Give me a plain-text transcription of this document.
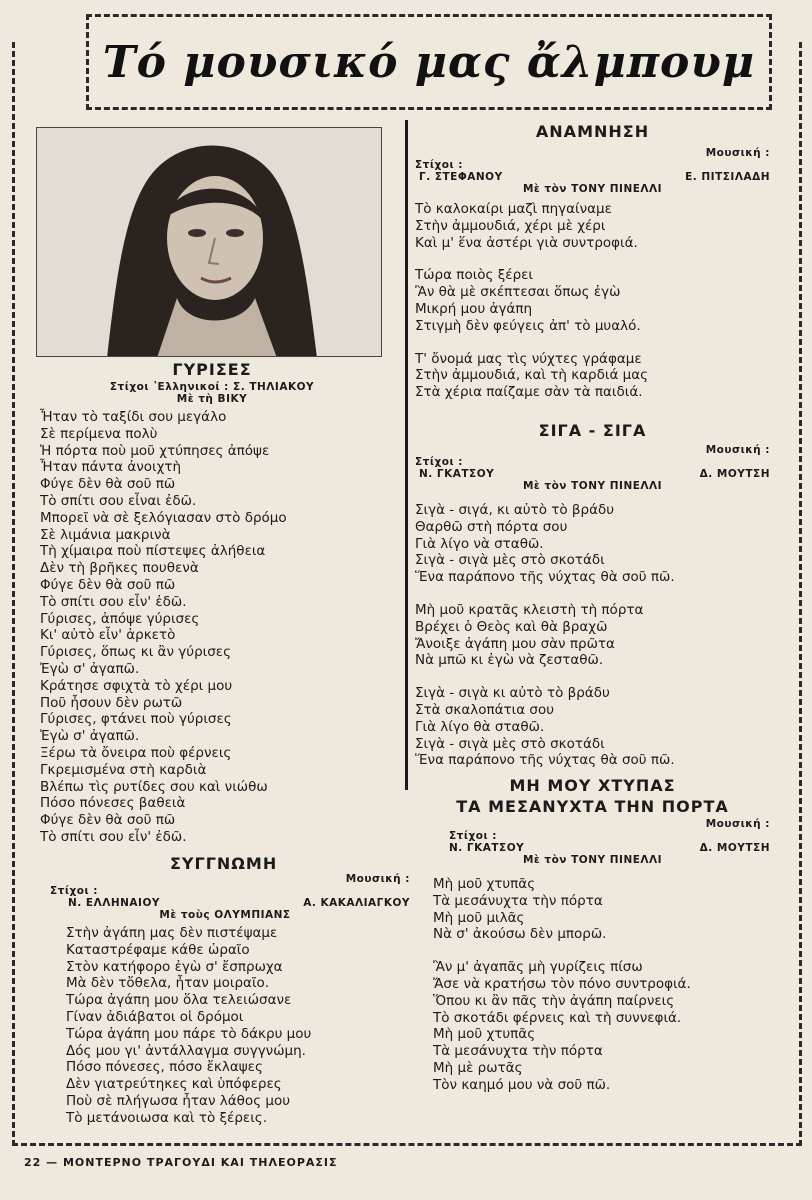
Τό μουσικό μας ἄλμπουμ

ΓΥΡΙΣΕΣ

Στίχοι ʽΕλληνικοί : Σ. ΤΗΛΙΑΚΟΥ
Μὲ τὴ ΒΙΚΥ
Ἦταν τὸ ταξίδι σου μεγάλο
Σὲ περίμενα πολὺ
Ἡ πόρτα ποὺ μοῦ χτύπησες ἀπόψε
Ἦταν πάντα ἀνοιχτὴ
Φύγε δὲν θὰ σοῦ πῶ
Τὸ σπίτι σου εἶναι ἐδῶ.
Μπορεῖ νὰ σὲ ξελόγιασαν στὸ δρόμο
Σὲ λιμάνια μακρινὰ
Τὴ χίμαιρα ποὺ πίστεψες ἀλήθεια
Δὲν τὴ βρῆκες πουθενὰ
Φύγε δὲν θὰ σοῦ πῶ
Τὸ σπίτι σου εἶν' ἐδῶ.
Γύρισες, ἀπόψε γύρισες
Κι' αὐτὸ εἶν' ἀρκετὸ
Γύρισες, ὅπως κι ἂν γύρισες
Ἐγὼ σ' ἀγαπῶ.
Κράτησε σφιχτὰ τὸ χέρι μου
Ποῦ ἦσουν δὲν ρωτῶ
Γύρισες, φτάνει ποὺ γύρισες
Ἐγὼ σ' ἀγαπῶ.
Ξέρω τὰ ὄνειρα ποὺ φέρνεις
Γκρεμισμένα στὴ καρδιὰ
Βλέπω τὶς ρυτίδες σου καὶ νιώθω
Πόσο πόνεσες βαθειὰ
Φύγε δὲν θὰ σοῦ πῶ
Τὸ σπίτι σου εἶν' ἐδῶ.

ΣΥΓΓΝΩΜΗ

Μουσική :
Στίχοι :
Ν. ΕΛΛΗΝΑΙΟΥ	Α. ΚΑΚΑΛΙΑΓΚΟΥ
Μὲ τοὺς ΟΛΥΜΠΙΑΝΣ
Στὴν ἀγάπη μας δὲν πιστέψαμε
Καταστρέφαμε κάθε ὡραῖο
Στὸν κατήφορο ἐγὼ σ' ἔσπρωχα
Μὰ δὲν τὄθελα, ἦταν μοιραῖο.
Τώρα ἀγάπη μου ὅλα τελειώσανε
Γίναν ἀδιάβατοι οἱ δρόμοι
Τώρα ἀγάπη μου πάρε τὸ δάκρυ μου
Δός μου γι' ἀντάλλαγμα συγγνώμη.
Πόσο πόνεσες, πόσο ἔκλαψες
Δὲν γιατρεύτηκες καὶ ὑπόφερες
Ποὺ σὲ πλήγωσα ἦταν λάθος μου
Τὸ μετάνοιωσα καὶ τὸ ξέρεις.

ΑΝΑΜΝΗΣΗ

Μουσική :
Στίχοι :
Γ. ΣΤΕΦΑΝΟΥ	Ε. ΠΙΤΣΙΛΑΔΗ
Μὲ τὸν ΤΟΝΥ ΠΙΝΕΛΛΙ
Τὸ καλοκαίρι μαζὶ πηγαίναμε
Στὴν ἀμμουδιά, χέρι μὲ χέρι
Καὶ μ' ἕνα ἀστέρι γιὰ συντροφιά.
Τώρα ποιὸς ξέρει
Ἂν θὰ μὲ σκέπτεσαι ὅπως ἐγὼ
Μικρή μου ἀγάπη
Στιγμὴ δὲν φεύγεις ἀπ' τὸ μυαλό.
Τ' ὄνομά μας τὶς νύχτες γράφαμε
Στὴν ἀμμουδιά, καὶ τὴ καρδιά μας
Στὰ χέρια παίζαμε σὰν τὰ παιδιά.

ΣΙΓΑ - ΣΙΓΑ

Μουσική :
Στίχοι :
Ν. ΓΚΑΤΣΟΥ	Δ. ΜΟΥΤΣΗ
Μὲ τὸν ΤΟΝΥ ΠΙΝΕΛΛΙ
Σιγὰ - σιγά, κι αὐτὸ τὸ βράδυ
Θαρθῶ στὴ πόρτα σου
Γιὰ λίγο νὰ σταθῶ.
Σιγὰ - σιγὰ μὲς στὸ σκοτάδι
Ἕνα παράπονο τῆς νύχτας θὰ σοῦ πῶ.
Μὴ μοῦ κρατᾶς κλειστὴ τὴ πόρτα
Βρέχει ὁ Θεὸς καὶ θὰ βραχῶ
Ἄνοιξε ἀγάπη μου σὰν πρῶτα
Νὰ μπῶ κι ἐγὼ νὰ ζεσταθῶ.
Σιγὰ - σιγὰ κι αὐτὸ τὸ βράδυ
Στὰ σκαλοπάτια σου
Γιὰ λίγο θὰ σταθῶ.
Σιγὰ - σιγὰ μὲς στὸ σκοτάδι
Ἕνα παράπονο τῆς νύχτας θὰ σοῦ πῶ.

ΜΗ ΜΟΥ ΧΤΥΠΑΣ

ΤΑ ΜΕΣΑΝΥΧΤΑ ΤΗΝ ΠΟΡΤΑ

Μουσική :
Στίχοι :
Ν. ΓΚΑΤΣΟΥ	Δ. ΜΟΥΤΣΗ
Μὲ τὸν ΤΟΝΥ ΠΙΝΕΛΛΙ
Μὴ μοῦ χτυπᾶς
Τὰ μεσάνυχτα τὴν πόρτα
Μὴ μοῦ μιλᾶς
Νὰ σ' ἀκούσω δὲν μπορῶ.
Ἂν μ' ἀγαπᾶς μὴ γυρίζεις πίσω
Ἄσε νὰ κρατήσω τὸν πόνο συντροφιά.
Ὅπου κι ἂν πᾶς τὴν ἀγάπη παίρνεις
Τὸ σκοτάδι φέρνεις καὶ τὴ συννεφιά.
Μὴ μοῦ χτυπᾶς
Τὰ μεσάνυχτα τὴν πόρτα
Μὴ μὲ ρωτᾶς
Τὸν καημό μου νὰ σοῦ πῶ.
22 — ΜΟΝΤΕΡΝΟ ΤΡΑΓΟΥΔΙ ΚΑΙ ΤΗΛΕΟΡΑΣΙΣ
